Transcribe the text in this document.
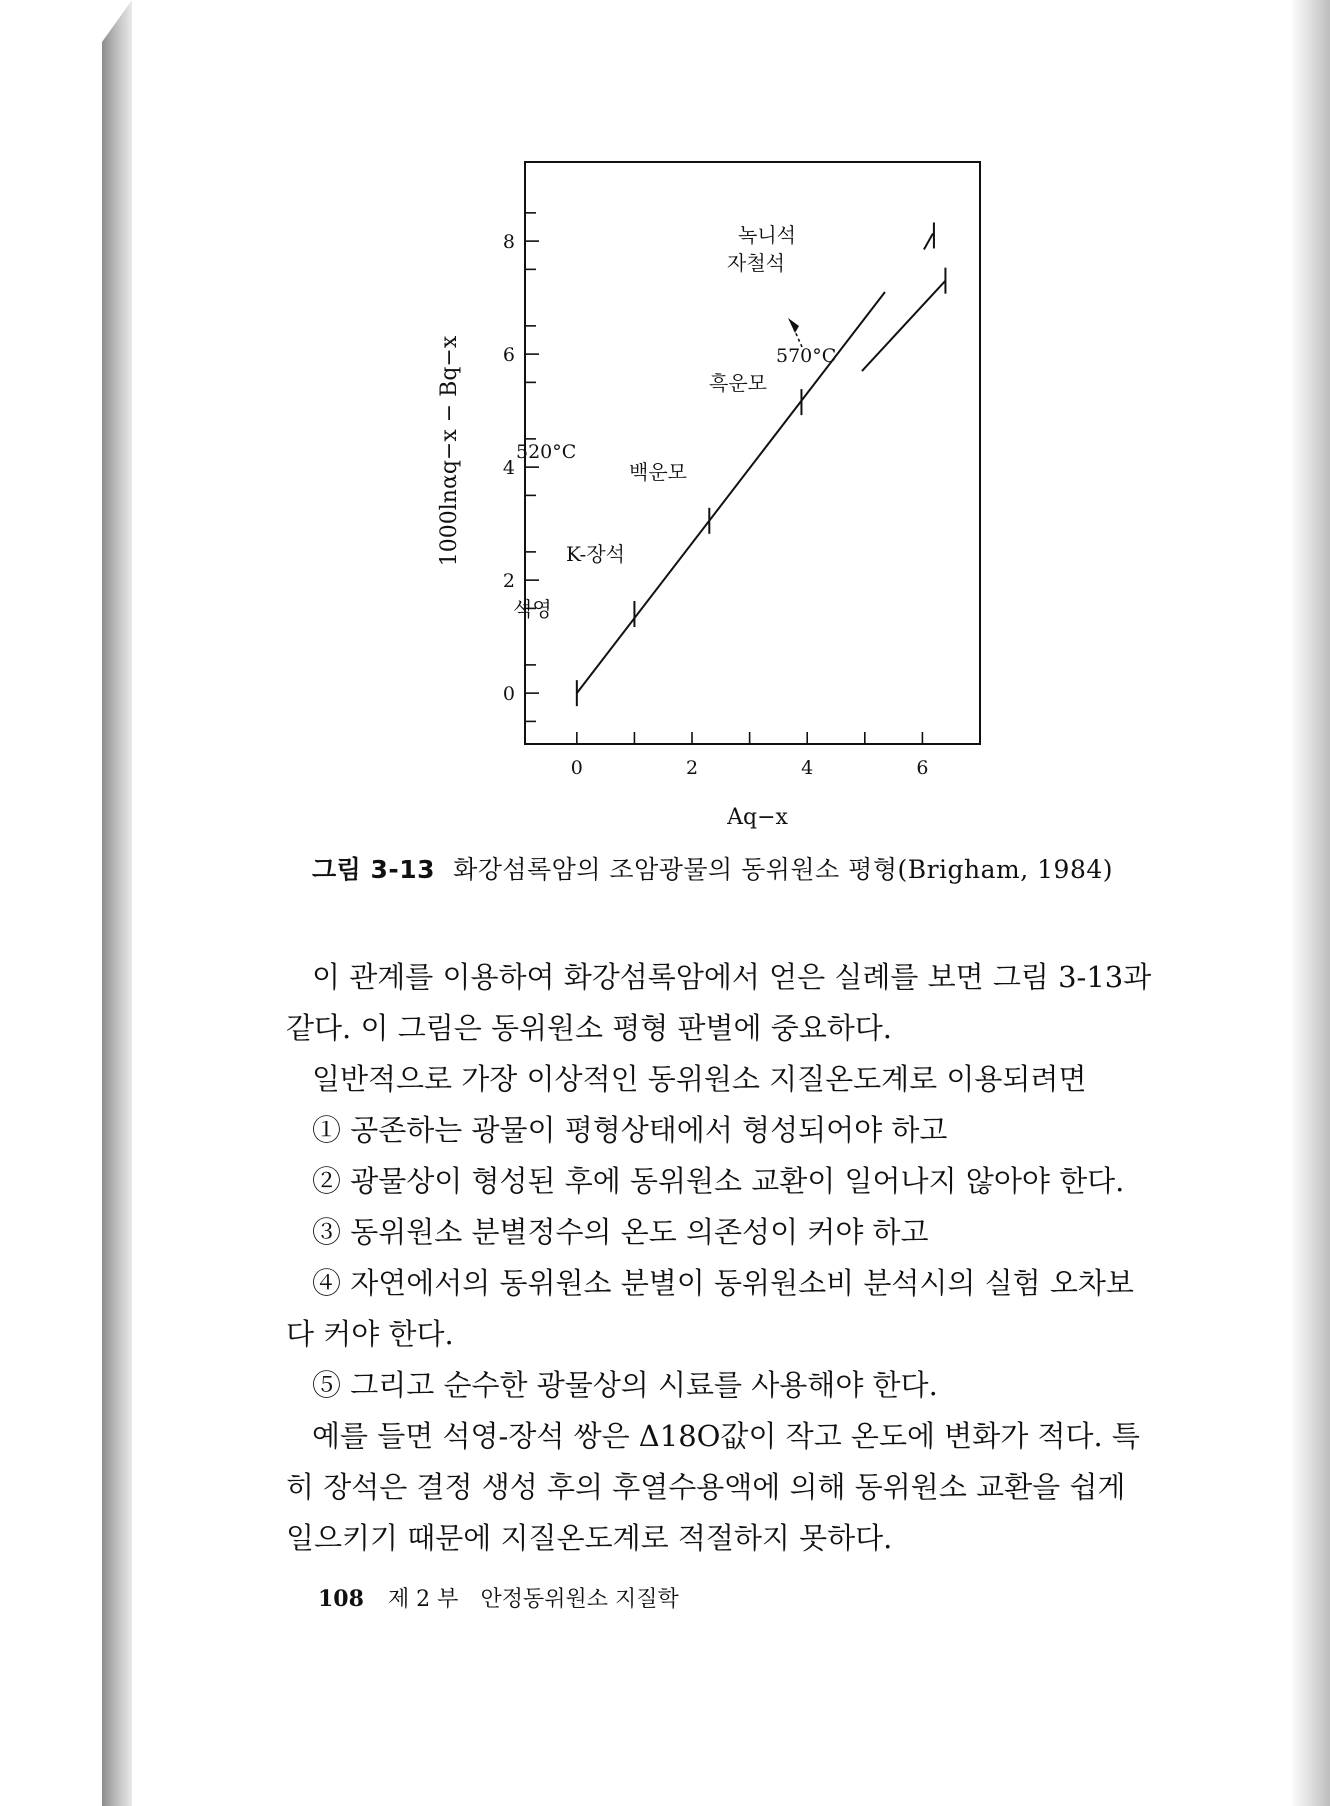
0
2
4
6
8
0	2	4	6
Aq−x
1000lnαq−x − Bq−x	520°C
570°C
석영
K-장석
백운모
흑운모
녹니석
자철석
그림 3-13 화강섬록암의 조암광물의 동위원소 평형(Brigham, 1984)

이 관계를 이용하여 화강섬록암에서 얻은 실례를 보면 그림 3-13과

같다. 이 그림은 동위원소 평형 판별에 중요하다.

일반적으로 가장 이상적인 동위원소 지질온도계로 이용되려면

① 공존하는 광물이 평형상태에서 형성되어야 하고

② 광물상이 형성된 후에 동위원소 교환이 일어나지 않아야 한다.

③ 동위원소 분별정수의 온도 의존성이 커야 하고

④ 자연에서의 동위원소 분별이 동위원소비 분석시의 실험 오차보

다 커야 한다.

⑤ 그리고 순수한 광물상의 시료를 사용해야 한다.

예를 들면 석영-장석 쌍은 Δ18O값이 작고 온도에 변화가 적다. 특

히 장석은 결정 생성 후의 후열수용액에 의해 동위원소 교환을 쉽게

일으키기 때문에 지질온도계로 적절하지 못하다.

108 제 2 부 안정동위원소 지질학
